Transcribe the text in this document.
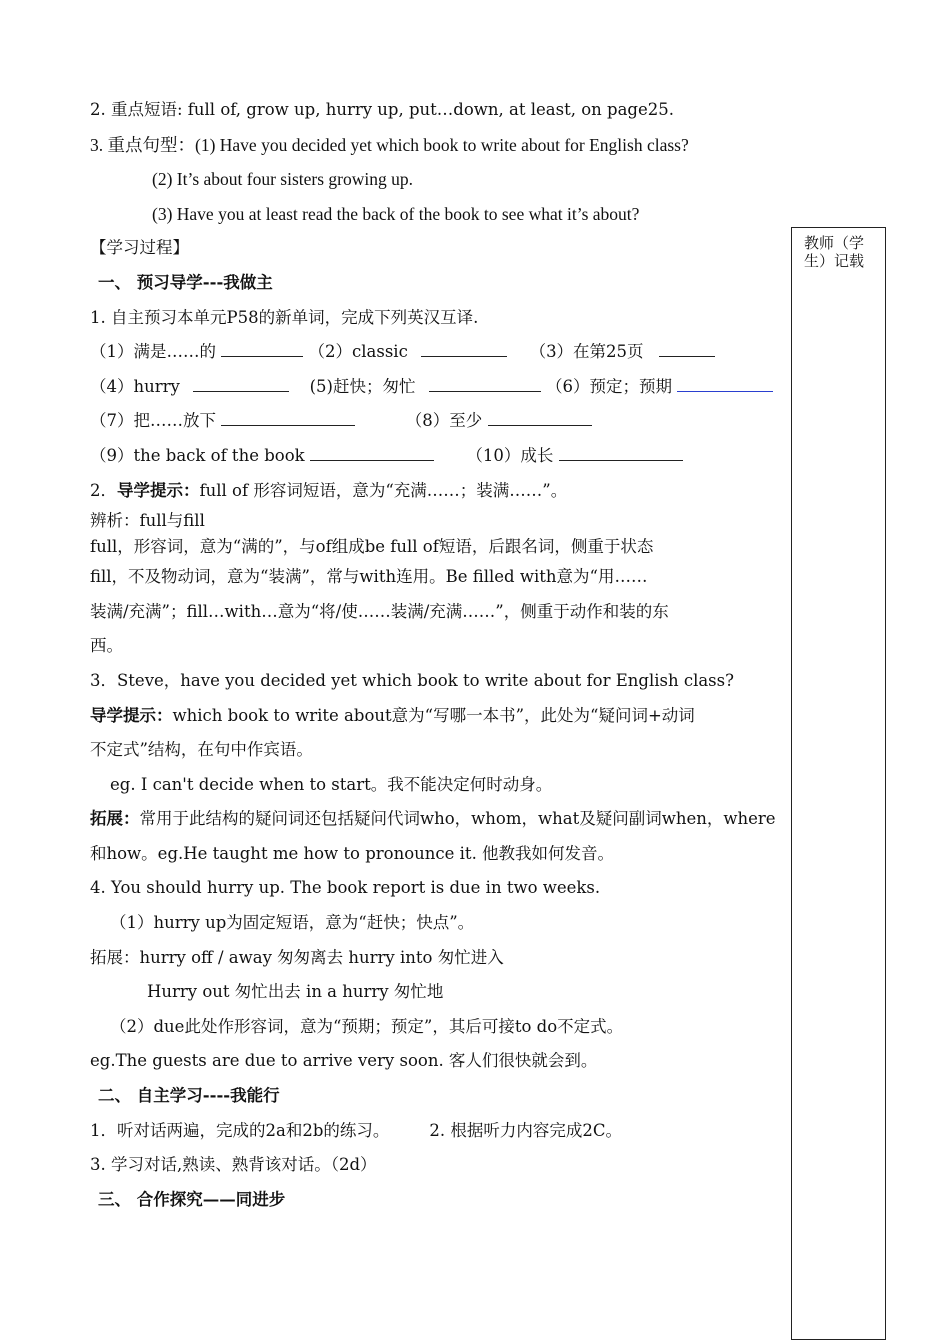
2. 重点短语: full of, grow up, hurry up, put…down, at least, on page25.
3. 重点句型：(1) Have you decided yet which book to write about for English class?
(2) It’s about four sisters growing up.
(3) Have you at least read the back of the book to see what it’s about?
【学习过程】
一、 预习导学---我做主
1. 自主预习本单元P58的新单词，完成下列英汉互译.
（1）满是……的	（2）classic	（3）在第25页
（4）hurry	(5)赶快；匆忙	（6）预定；预期
（7）把……放下	（8）至少
（9）the back of the book	（10）成长
2．导学提示：full of 形容词短语，意为“充满……；装满……”。
辨析：full与fill
full，形容词，意为“满的”，与of组成be full of短语，后跟名词，侧重于状态
fill，不及物动词，意为“装满”，常与with连用。Be filled with意为“用……
装满/充满”；fill…with…意为“将/使……装满/充满……”，侧重于动作和装的东
西。
3．Steve，have you decided yet which book to write about for English class?
导学提示：which book to write about意为“写哪一本书”，此处为“疑问词+动词
不定式”结构，在句中作宾语。
eg. I can't decide when to start。我不能决定何时动身。
拓展：常用于此结构的疑问词还包括疑问代词who，whom，what及疑问副词when，where
和how。eg.He taught me how to pronounce it. 他教我如何发音。
4. You should hurry up. The book report is due in two weeks.
（1）hurry up为固定短语，意为“赶快；快点”。
拓展：hurry off / away 匆匆离去 hurry into 匆忙进入
Hurry out 匆忙出去 in a hurry 匆忙地
（2）due此处作形容词，意为“预期；预定”，其后可接to do不定式。
eg.The guests are due to arrive very soon. 客人们很快就会到。
二、 自主学习----我能行
1．听对话两遍，完成的2a和2b的练习。 2. 根据听力内容完成2C。
3. 学习对话,熟读、熟背该对话。（2d）
三、 合作探究——同进步
教师（学生）记载
